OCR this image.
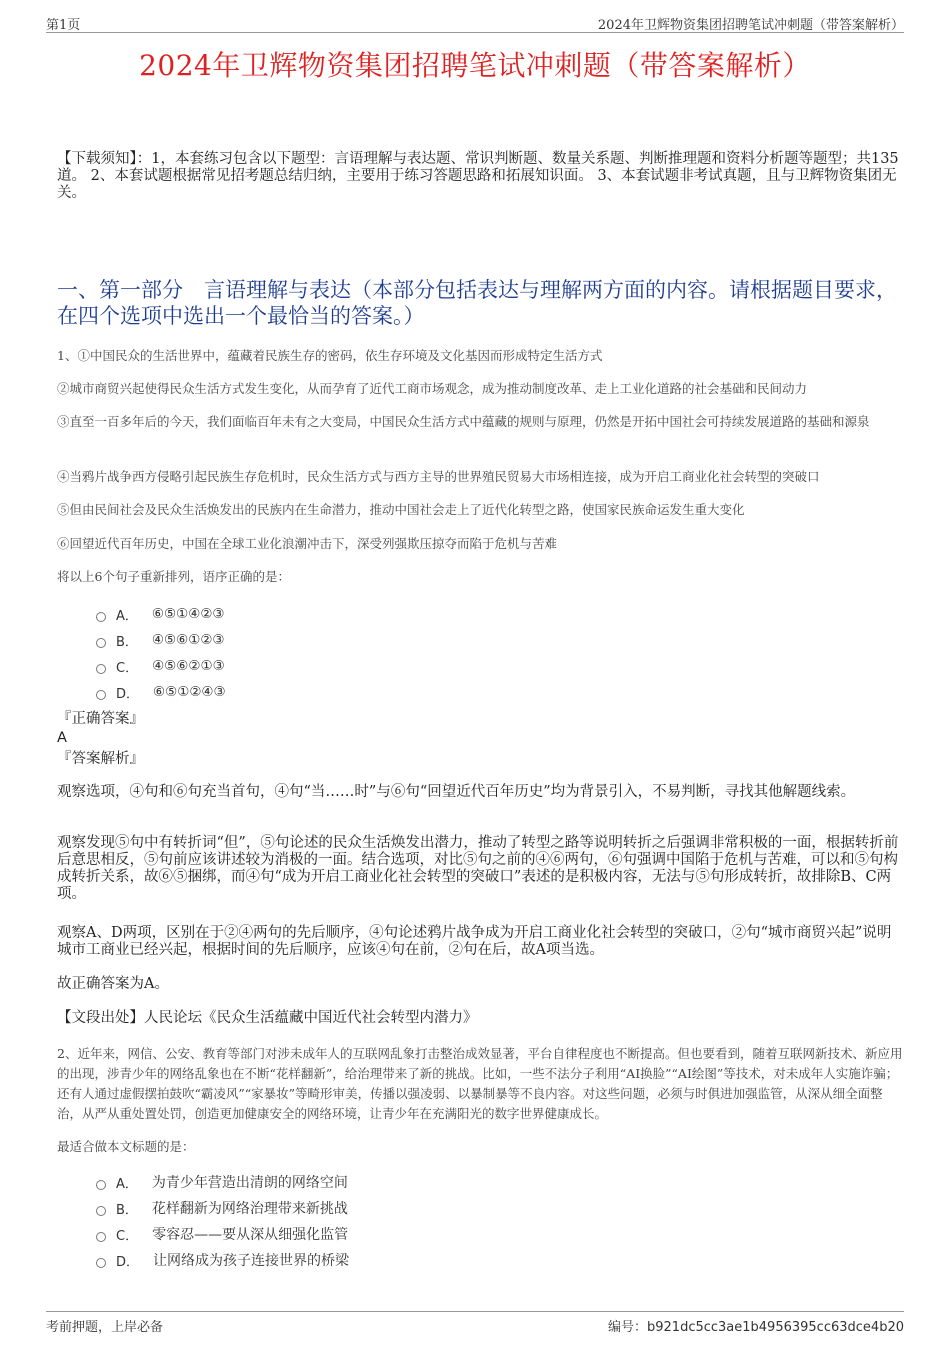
第1页	2024年卫辉物资集团招聘笔试冲刺题（带答案解析）
2024年卫辉物资集团招聘笔试冲刺题（带答案解析）
【下载须知】：1，本套练习包含以下题型：言语理解与表达题、常识判断题、数量关系题、判断推理题和资料分析题等题型；共135道。 2、本套试题根据常见招考题总结归纳，主要用于练习答题思路和拓展知识面。 3、本套试题非考试真题，且与卫辉物资集团无关。
一、第一部分　言语理解与表达（本部分包括表达与理解两方面的内容。请根据题目要求，在四个选项中选出一个最恰当的答案。）
1、①中国民众的生活世界中，蕴藏着民族生存的密码，依生存环境及文化基因而形成特定生活方式
②城市商贸兴起使得民众生活方式发生变化，从而孕育了近代工商市场观念，成为推动制度改革、走上工业化道路的社会基础和民间动力
③直至一百多年后的今天，我们面临百年未有之大变局，中国民众生活方式中蕴藏的规则与原理，仍然是开拓中国社会可持续发展道路的基础和源泉
④当鸦片战争西方侵略引起民族生存危机时，民众生活方式与西方主导的世界殖民贸易大市场相连接，成为开启工商业化社会转型的突破口
⑤但由民间社会及民众生活焕发出的民族内在生命潜力，推动中国社会走上了近代化转型之路，使国家民族命运发生重大变化
⑥回望近代百年历史，中国在全球工业化浪潮冲击下，深受列强欺压掠夺而陷于危机与苦难
将以上6个句子重新排列，语序正确的是：
A． ⑥⑤①④②③
B． ④⑤⑥①②③
C． ④⑤⑥②①③
D． ⑥⑤①②④③
『正确答案』
A
『答案解析』
观察选项，④句和⑥句充当首句，④句“当……时”与⑥句“回望近代百年历史”均为背景引入，不易判断，寻找其他解题线索。
观察发现⑤句中有转折词“但”，⑤句论述的民众生活焕发出潜力，推动了转型之路等说明转折之后强调非常积极的一面，根据转折前后意思相反，⑤句前应该讲述较为消极的一面。结合选项，对比⑤句之前的④⑥两句，⑥句强调中国陷于危机与苦难，可以和⑤句构成转折关系，故⑥⑤捆绑，而④句“成为开启工商业化社会转型的突破口”表述的是积极内容，无法与⑤句形成转折，故排除B、C两项。
观察A、D两项，区别在于②④两句的先后顺序，④句论述鸦片战争成为开启工商业化社会转型的突破口，②句“城市商贸兴起”说明城市工商业已经兴起，根据时间的先后顺序，应该④句在前，②句在后，故A项当选。
故正确答案为A。
【文段出处】人民论坛《民众生活蕴藏中国近代社会转型内潜力》
2、近年来，网信、公安、教育等部门对涉未成年人的互联网乱象打击整治成效显著，平台自律程度也不断提高。但也要看到，随着互联网新技术、新应用的出现，涉青少年的网络乱象也在不断“花样翻新”，给治理带来了新的挑战。比如，一些不法分子利用“AI换脸”“AI绘图”等技术，对未成年人实施诈骗；还有人通过虚假摆拍鼓吹“霸凌风”“家暴妆”等畸形审美，传播以强凌弱、以暴制暴等不良内容。对这些问题，必须与时俱进加强监管，从深从细全面整治，从严从重处置处罚，创造更加健康安全的网络环境，让青少年在充满阳光的数字世界健康成长。
最适合做本文标题的是：
A． 为青少年营造出清朗的网络空间
B． 花样翻新为网络治理带来新挑战
C． 零容忍——要从深从细强化监管
D． 让网络成为孩子连接世界的桥梁
考前押题，上岸必备	编号：b921dc5cc3ae1b4956395cc63dce4b20
